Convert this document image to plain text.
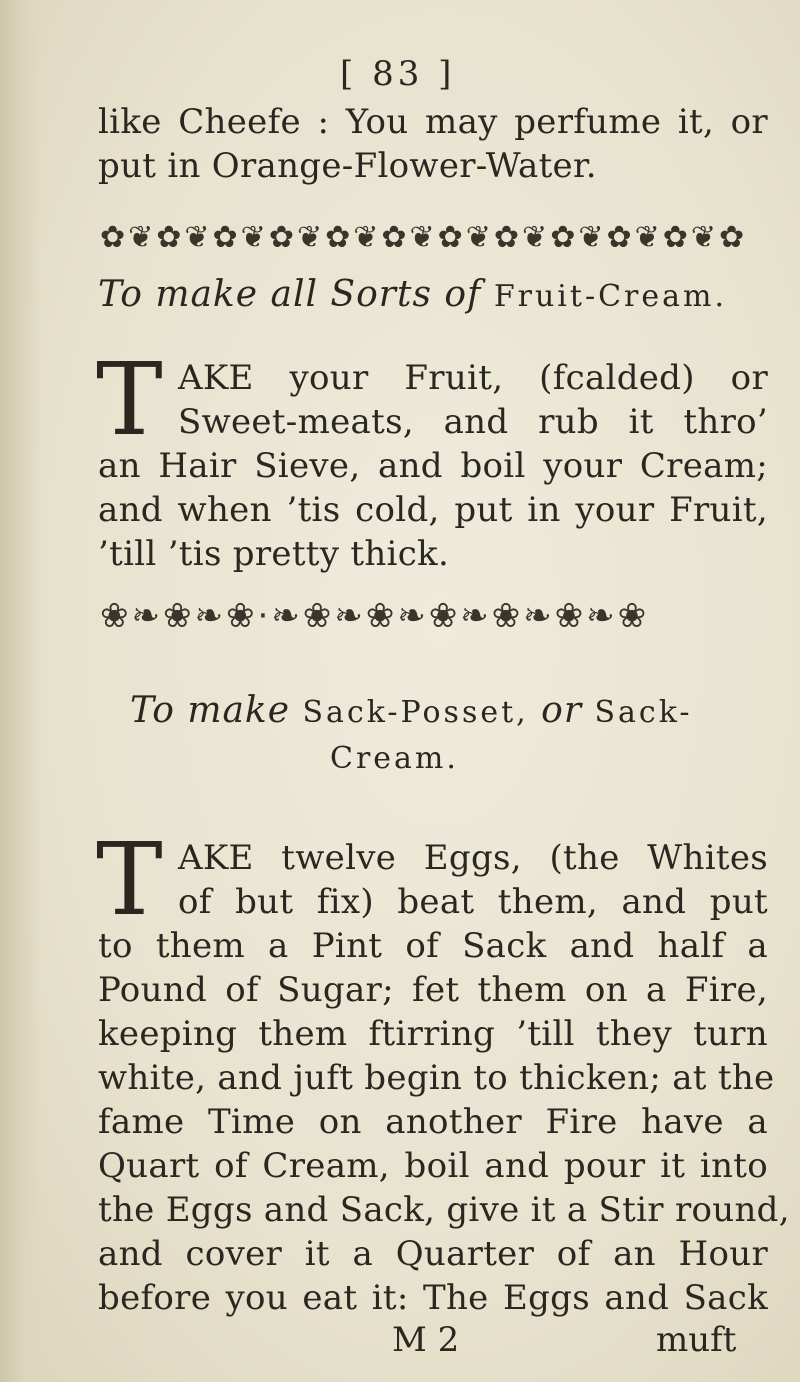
[ 83 ]
like Cheefe : You may perfume it, or
put in Orange-Flower-Water.
✿❦✿❦✿❦✿❦✿❦✿❦✿❦✿❦✿❦✿❦✿❦✿
To make all Sorts of Fruit-Cream.
T AKE your Fruit, (fcalded) or
Sweet-meats, and rub it thro’
an Hair Sieve, and boil your Cream;
and when ’tis cold, put in your Fruit,
’till ’tis pretty thick.
❀❧❀❧❀·❧❀❧❀❧❀❧❀❧❀❧❀
To make Sack-Posset, or Sack-
Cream.
T AKE twelve Eggs, (the Whites
of but fix) beat them, and put
to them a Pint of Sack and half a
Pound of Sugar; fet them on a Fire,
keeping them ftirring ’till they turn
white, and juft begin to thicken; at the
fame Time on another Fire have a
Quart of Cream, boil and pour it into
the Eggs and Sack, give it a Stir round,
and cover it a Quarter of an Hour
before you eat it: The Eggs and Sack
M 2	muft
